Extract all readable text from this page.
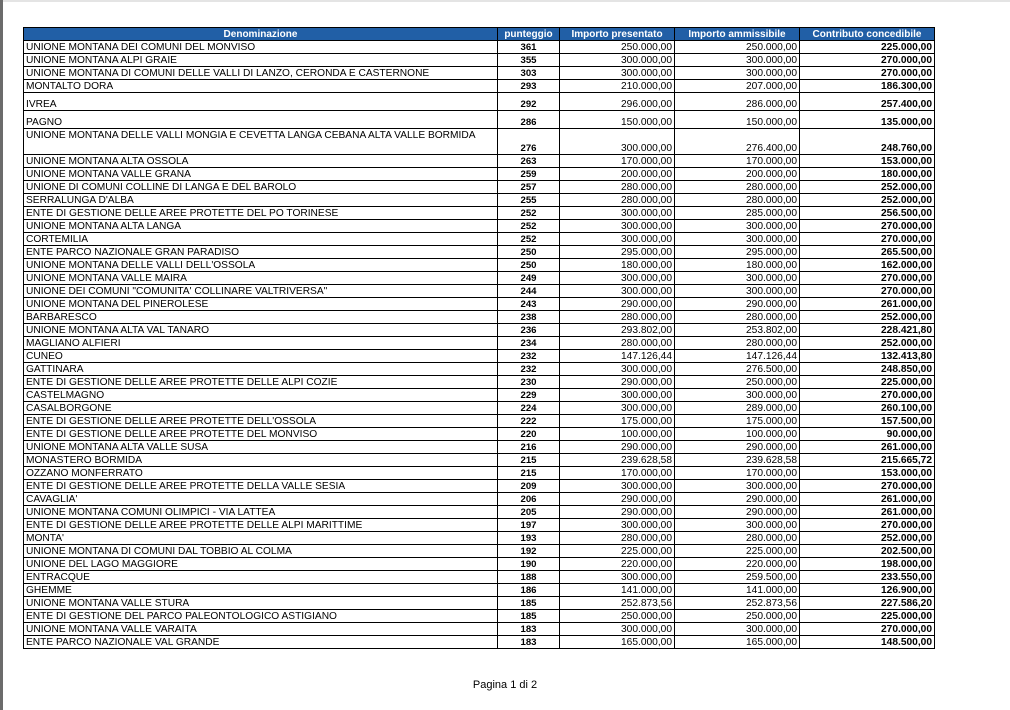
Denominazione	punteggio	Importo presentato	Importo ammissibile	Contributo concedibile
UNIONE MONTANA DEI COMUNI DEL MONVISO	361	250.000,00	250.000,00	225.000,00
UNIONE MONTANA ALPI GRAIE	355	300.000,00	300.000,00	270.000,00
UNIONE MONTANA DI COMUNI DELLE VALLI DI LANZO, CERONDA E CASTERNONE	303	300.000,00	300.000,00	270.000,00
MONTALTO DORA	293	210.000,00	207.000,00	186.300,00
IVREA	292	296.000,00	286.000,00	257.400,00
PAGNO	286	150.000,00	150.000,00	135.000,00
UNIONE MONTANA DELLE VALLI MONGIA E CEVETTA LANGA CEBANA ALTA VALLE BORMIDA	276	300.000,00	276.400,00	248.760,00
UNIONE MONTANA ALTA OSSOLA	263	170.000,00	170.000,00	153.000,00
UNIONE MONTANA VALLE GRANA	259	200.000,00	200.000,00	180.000,00
UNIONE DI COMUNI COLLINE DI LANGA E DEL BAROLO	257	280.000,00	280.000,00	252.000,00
SERRALUNGA D'ALBA	255	280.000,00	280.000,00	252.000,00
ENTE DI GESTIONE DELLE AREE PROTETTE DEL PO TORINESE	252	300.000,00	285.000,00	256.500,00
UNIONE MONTANA ALTA LANGA	252	300.000,00	300.000,00	270.000,00
CORTEMILIA	252	300.000,00	300.000,00	270.000,00
ENTE PARCO NAZIONALE GRAN PARADISO	250	295.000,00	295.000,00	265.500,00
UNIONE MONTANA DELLE VALLI DELL'OSSOLA	250	180.000,00	180.000,00	162.000,00
UNIONE MONTANA VALLE MAIRA	249	300.000,00	300.000,00	270.000,00
UNIONE DEI COMUNI "COMUNITA' COLLINARE VALTRIVERSA"	244	300.000,00	300.000,00	270.000,00
UNIONE MONTANA DEL PINEROLESE	243	290.000,00	290.000,00	261.000,00
BARBARESCO	238	280.000,00	280.000,00	252.000,00
UNIONE MONTANA ALTA VAL TANARO	236	293.802,00	253.802,00	228.421,80
MAGLIANO ALFIERI	234	280.000,00	280.000,00	252.000,00
CUNEO	232	147.126,44	147.126,44	132.413,80
GATTINARA	232	300.000,00	276.500,00	248.850,00
ENTE DI GESTIONE DELLE AREE PROTETTE DELLE ALPI COZIE	230	290.000,00	250.000,00	225.000,00
CASTELMAGNO	229	300.000,00	300.000,00	270.000,00
CASALBORGONE	224	300.000,00	289.000,00	260.100,00
ENTE DI GESTIONE DELLE AREE PROTETTE DELL'OSSOLA	222	175.000,00	175.000,00	157.500,00
ENTE DI GESTIONE DELLE AREE PROTETTE DEL MONVISO	220	100.000,00	100.000,00	90.000,00
UNIONE MONTANA ALTA VALLE SUSA	216	290.000,00	290.000,00	261.000,00
MONASTERO BORMIDA	215	239.628,58	239.628,58	215.665,72
OZZANO MONFERRATO	215	170.000,00	170.000,00	153.000,00
ENTE DI GESTIONE DELLE AREE PROTETTE DELLA VALLE SESIA	209	300.000,00	300.000,00	270.000,00
CAVAGLIA'	206	290.000,00	290.000,00	261.000,00
UNIONE MONTANA COMUNI OLIMPICI - VIA LATTEA	205	290.000,00	290.000,00	261.000,00
ENTE DI GESTIONE DELLE AREE PROTETTE DELLE ALPI MARITTIME	197	300.000,00	300.000,00	270.000,00
MONTA'	193	280.000,00	280.000,00	252.000,00
UNIONE MONTANA DI COMUNI DAL TOBBIO AL COLMA	192	225.000,00	225.000,00	202.500,00
UNIONE DEL LAGO MAGGIORE	190	220.000,00	220.000,00	198.000,00
ENTRACQUE	188	300.000,00	259.500,00	233.550,00
GHEMME	186	141.000,00	141.000,00	126.900,00
UNIONE MONTANA VALLE STURA	185	252.873,56	252.873,56	227.586,20
ENTE DI GESTIONE DEL PARCO PALEONTOLOGICO ASTIGIANO	185	250.000,00	250.000,00	225.000,00
UNIONE MONTANA VALLE VARAITA	183	300.000,00	300.000,00	270.000,00
ENTE PARCO NAZIONALE VAL GRANDE	183	165.000,00	165.000,00	148.500,00
Pagina 1 di 2
